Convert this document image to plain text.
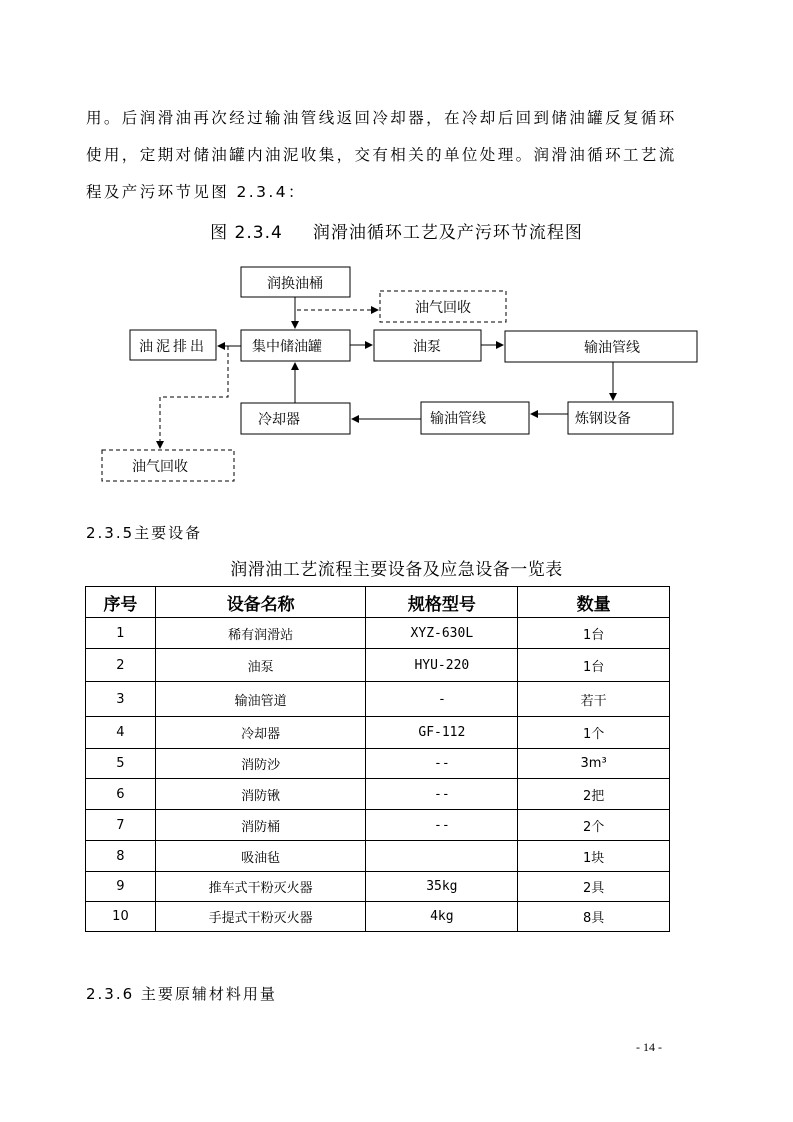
用。后润滑油再次经过输油管线返回冷却器，在冷却后回到储油罐反复循环

使用，定期对储油罐内油泥收集，交有相关的单位处理。润滑油循环工艺流

程及产污环节见图 2.3.4：

图 2.3.4 润滑油循环工艺及产污环节流程图
润换油桶
油气回收
油泥排出	集中储油罐	油泵	输油管线
冷却器	输油管线	炼钢设备
油气回收
2.3.5主要设备
润滑油工艺流程主要设备及应急设备一览表
序号	设备名称	规格型号	数量
1	稀有润滑站	XYZ-630L	1台
2	油泵	HYU-220	1台
3	输油管道	-	若干
4	冷却器	GF-112	1个
5	消防沙	--	3m³
6	消防锹	--	2把
7	消防桶	--	2个
8	吸油毡		1块
9	推车式干粉灭火器	35kg	2具
10	手提式干粉灭火器	4kg	8具
2.3.6 主要原辅材料用量
- 14 -
